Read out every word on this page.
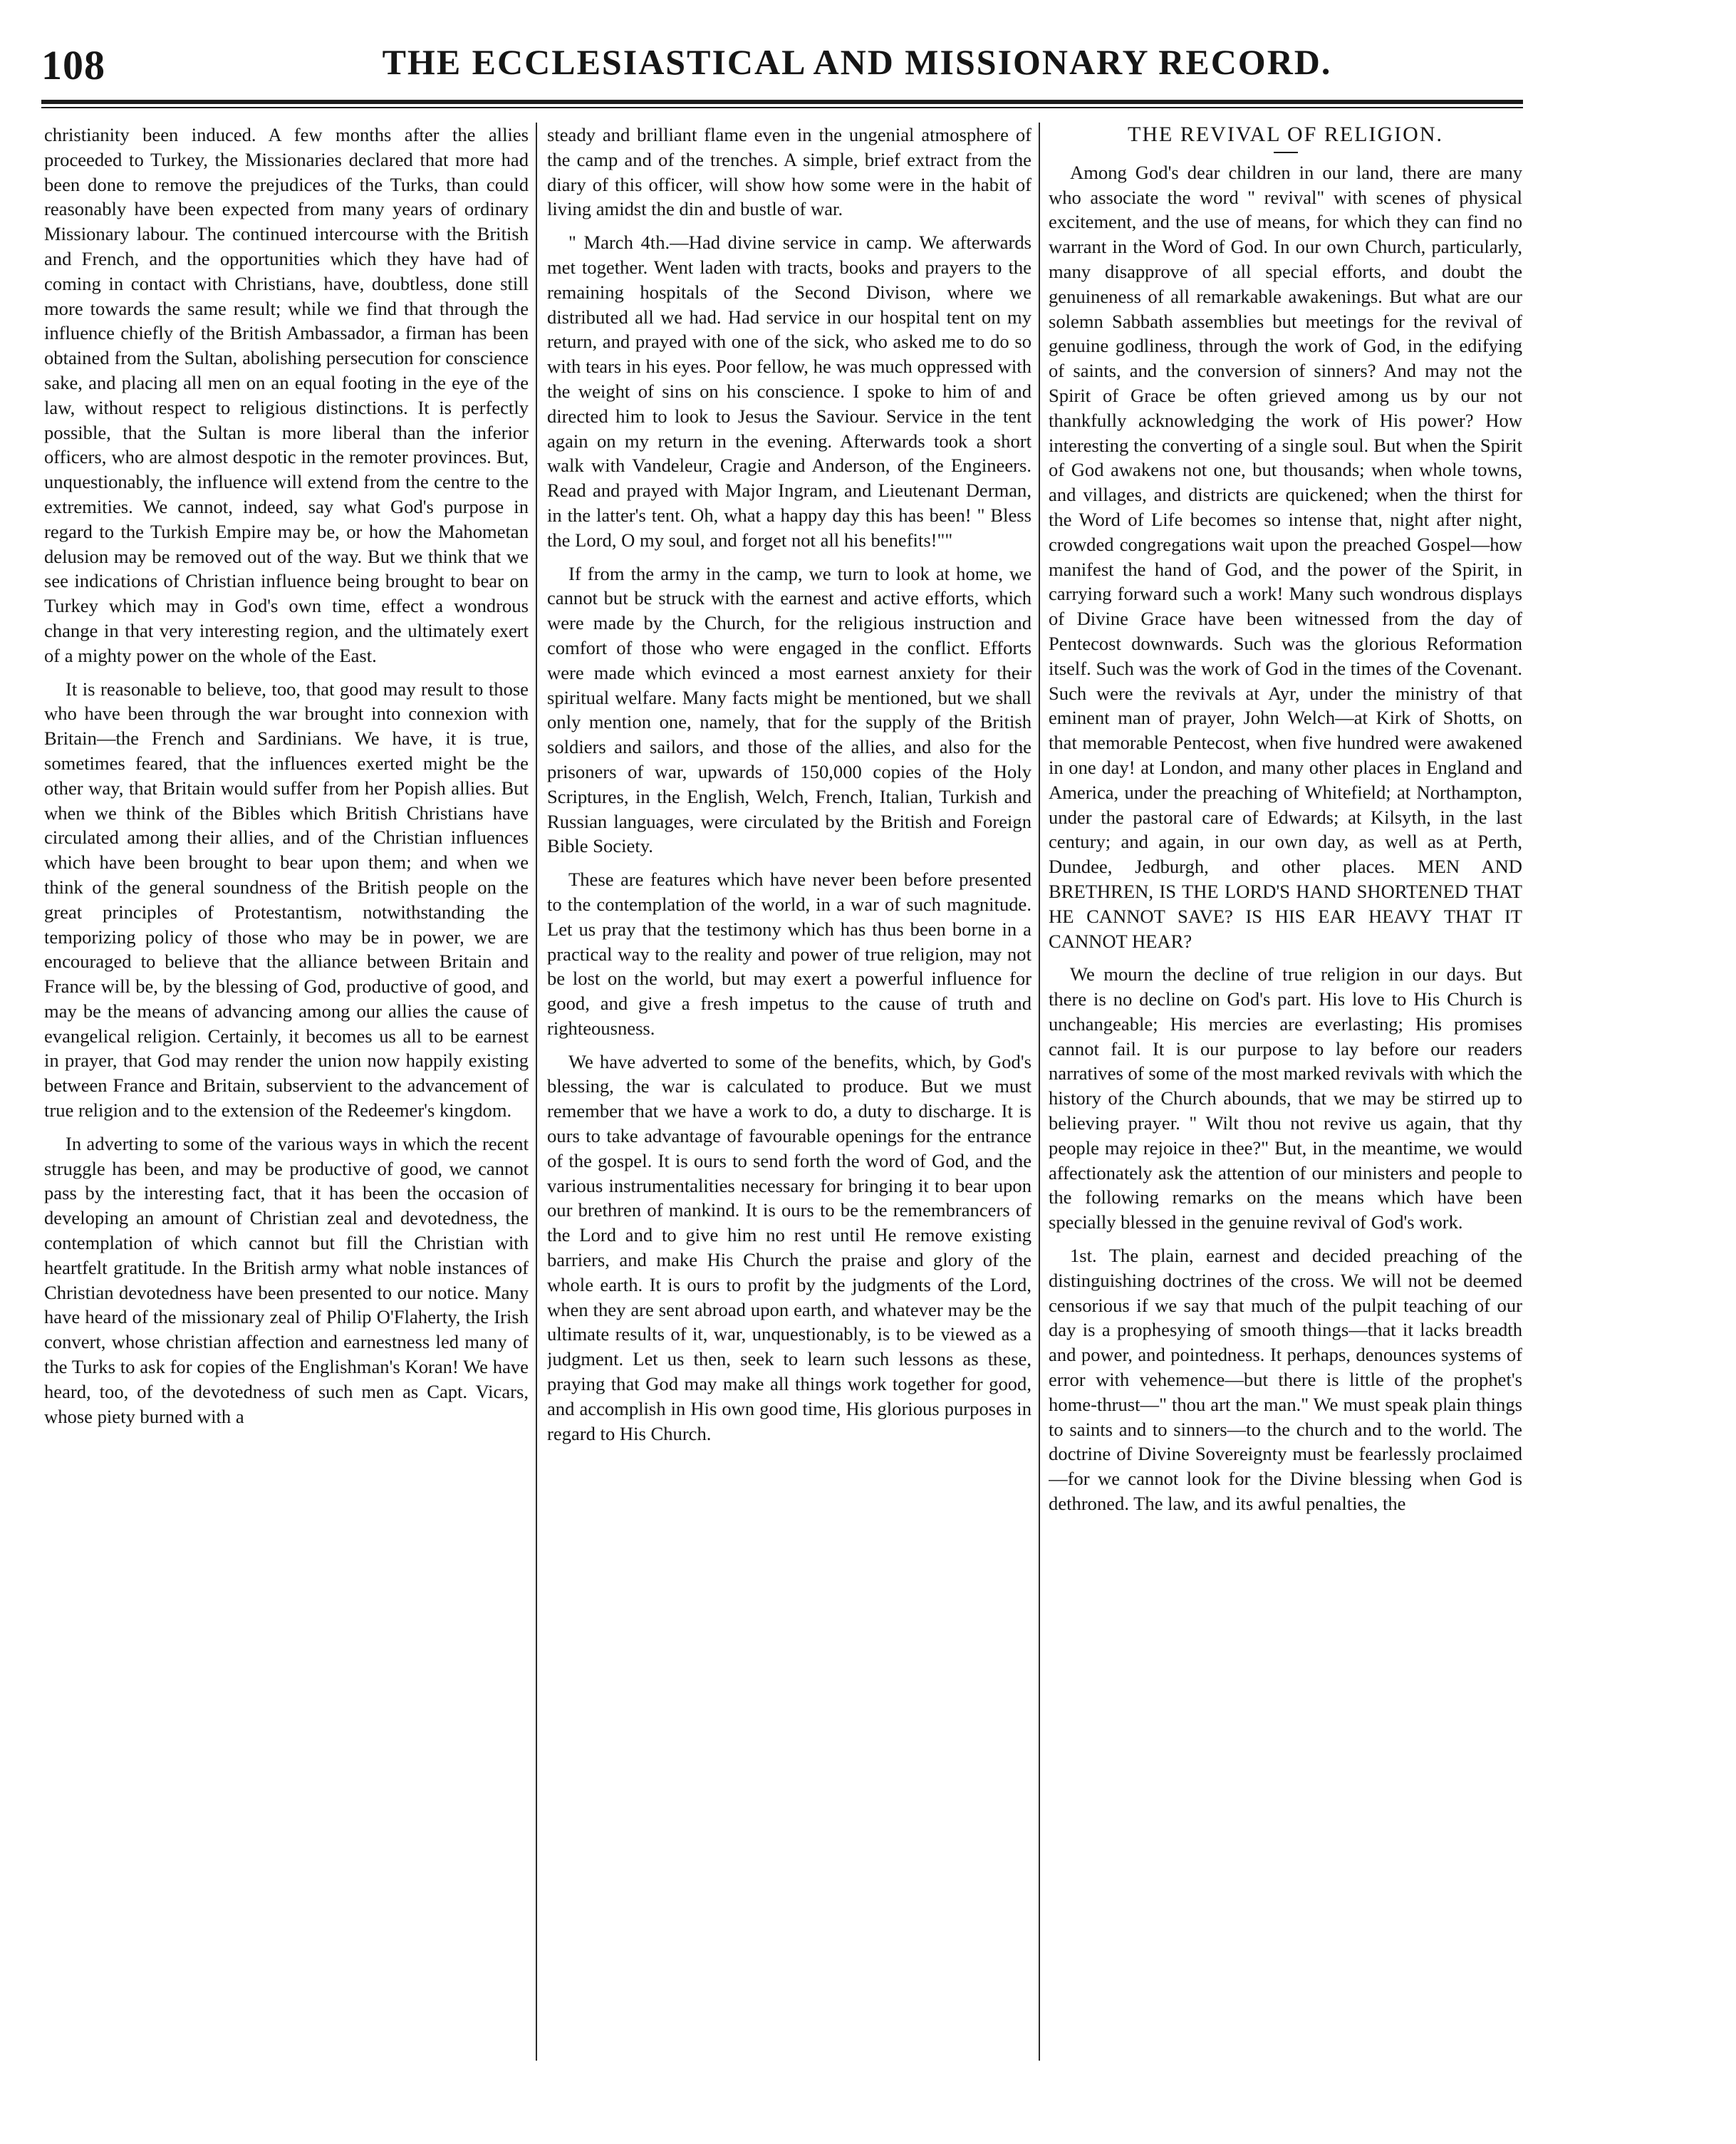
108	THE ECCLESIASTICAL AND MISSIONARY RECORD.

christianity been induced. A few months after the allies proceeded to Turkey, the Missionaries declared that more had been done to remove the prejudices of the Turks, than could reasonably have been expected from many years of ordinary Missionary labour. The continued intercourse with the British and French, and the opportunities which they have had of coming in contact with Christians, have, doubtless, done still more towards the same result; while we find that through the influence chiefly of the British Ambassador, a firman has been obtained from the Sultan, abolishing persecution for conscience sake, and placing all men on an equal footing in the eye of the law, without respect to religious distinctions. It is perfectly possible, that the Sultan is more liberal than the inferior officers, who are almost despotic in the remoter provinces. But, unquestionably, the influence will extend from the centre to the extremities. We cannot, indeed, say what God's purpose in regard to the Turkish Empire may be, or how the Mahometan delusion may be removed out of the way. But we think that we see indications of Christian influence being brought to bear on Turkey which may in God's own time, effect a wondrous change in that very interesting region, and the ultimately exert of a mighty power on the whole of the East.

It is reasonable to believe, too, that good may result to those who have been through the war brought into connexion with Britain—the French and Sardinians. We have, it is true, sometimes feared, that the influences exerted might be the other way, that Britain would suffer from her Popish allies. But when we think of the Bibles which British Christians have circulated among their allies, and of the Christian influences which have been brought to bear upon them; and when we think of the general soundness of the British people on the great principles of Protestantism, notwithstanding the temporizing policy of those who may be in power, we are encouraged to believe that the alliance between Britain and France will be, by the blessing of God, productive of good, and may be the means of advancing among our allies the cause of evangelical religion. Certainly, it becomes us all to be earnest in prayer, that God may render the union now happily existing between France and Britain, subservient to the advancement of true religion and to the extension of the Redeemer's kingdom.

In adverting to some of the various ways in which the recent struggle has been, and may be productive of good, we cannot pass by the interesting fact, that it has been the occasion of developing an amount of Christian zeal and devotedness, the contemplation of which cannot but fill the Christian with heartfelt gratitude. In the British army what noble instances of Christian devotedness have been presented to our notice. Many have heard of the missionary zeal of Philip O'Flaherty, the Irish convert, whose christian affection and earnestness led many of the Turks to ask for copies of the Englishman's Koran! We have heard, too, of the devotedness of such men as Capt. Vicars, whose piety burned with a

steady and brilliant flame even in the ungenial atmosphere of the camp and of the trenches. A simple, brief extract from the diary of this officer, will show how some were in the habit of living amidst the din and bustle of war.

" March 4th.—Had divine service in camp. We afterwards met together. Went laden with tracts, books and prayers to the remaining hospitals of the Second Divison, where we distributed all we had. Had service in our hospital tent on my return, and prayed with one of the sick, who asked me to do so with tears in his eyes. Poor fellow, he was much oppressed with the weight of sins on his conscience. I spoke to him of and directed him to look to Jesus the Saviour. Service in the tent again on my return in the evening. Afterwards took a short walk with Vandeleur, Cragie and Anderson, of the Engineers. Read and prayed with Major Ingram, and Lieutenant Derman, in the latter's tent. Oh, what a happy day this has been! " Bless the Lord, O my soul, and forget not all his benefits!""

If from the army in the camp, we turn to look at home, we cannot but be struck with the earnest and active efforts, which were made by the Church, for the religious instruction and comfort of those who were engaged in the conflict. Efforts were made which evinced a most earnest anxiety for their spiritual welfare. Many facts might be mentioned, but we shall only mention one, namely, that for the supply of the British soldiers and sailors, and those of the allies, and also for the prisoners of war, upwards of 150,000 copies of the Holy Scriptures, in the English, Welch, French, Italian, Turkish and Russian languages, were circulated by the British and Foreign Bible Society.

These are features which have never been before presented to the contemplation of the world, in a war of such magnitude. Let us pray that the testimony which has thus been borne in a practical way to the reality and power of true religion, may not be lost on the world, but may exert a powerful influence for good, and give a fresh impetus to the cause of truth and righteousness.

We have adverted to some of the benefits, which, by God's blessing, the war is calculated to produce. But we must remember that we have a work to do, a duty to discharge. It is ours to take advantage of favourable openings for the entrance of the gospel. It is ours to send forth the word of God, and the various instrumentalities necessary for bringing it to bear upon our brethren of mankind. It is ours to be the remembrancers of the Lord and to give him no rest until He remove existing barriers, and make His Church the praise and glory of the whole earth. It is ours to profit by the judgments of the Lord, when they are sent abroad upon earth, and whatever may be the ultimate results of it, war, unquestionably, is to be viewed as a judgment. Let us then, seek to learn such lessons as these, praying that God may make all things work together for good, and accomplish in His own good time, His glorious purposes in regard to His Church.

THE REVIVAL OF RELIGION.

Among God's dear children in our land, there are many who associate the word " revival" with scenes of physical excitement, and the use of means, for which they can find no warrant in the Word of God. In our own Church, particularly, many disapprove of all special efforts, and doubt the genuineness of all remarkable awakenings. But what are our solemn Sabbath assemblies but meetings for the revival of genuine godliness, through the work of God, in the edifying of saints, and the conversion of sinners? And may not the Spirit of Grace be often grieved among us by our not thankfully acknowledging the work of His power? How interesting the converting of a single soul. But when the Spirit of God awakens not one, but thousands; when whole towns, and villages, and districts are quickened; when the thirst for the Word of Life becomes so intense that, night after night, crowded congregations wait upon the preached Gospel—how manifest the hand of God, and the power of the Spirit, in carrying forward such a work! Many such wondrous displays of Divine Grace have been witnessed from the day of Pentecost downwards. Such was the glorious Reformation itself. Such was the work of God in the times of the Covenant. Such were the revivals at Ayr, under the ministry of that eminent man of prayer, John Welch—at Kirk of Shotts, on that memorable Pentecost, when five hundred were awakened in one day! at London, and many other places in England and America, under the preaching of Whitefield; at Northampton, under the pastoral care of Edwards; at Kilsyth, in the last century; and again, in our own day, as well as at Perth, Dundee, Jedburgh, and other places. MEN AND BRETHREN, IS THE LORD'S HAND SHORTENED THAT HE CANNOT SAVE? IS HIS EAR HEAVY THAT IT CANNOT HEAR?

We mourn the decline of true religion in our days. But there is no decline on God's part. His love to His Church is unchangeable; His mercies are everlasting; His promises cannot fail. It is our purpose to lay before our readers narratives of some of the most marked revivals with which the history of the Church abounds, that we may be stirred up to believing prayer. " Wilt thou not revive us again, that thy people may rejoice in thee?" But, in the meantime, we would affectionately ask the attention of our ministers and people to the following remarks on the means which have been specially blessed in the genuine revival of God's work.

1st. The plain, earnest and decided preaching of the distinguishing doctrines of the cross. We will not be deemed censorious if we say that much of the pulpit teaching of our day is a prophesying of smooth things—that it lacks breadth and power, and pointedness. It perhaps, denounces systems of error with vehemence—but there is little of the prophet's home-thrust—" thou art the man." We must speak plain things to saints and to sinners—to the church and to the world. The doctrine of Divine Sovereignty must be fearlessly proclaimed—for we cannot look for the Divine blessing when God is dethroned. The law, and its awful penalties, the
